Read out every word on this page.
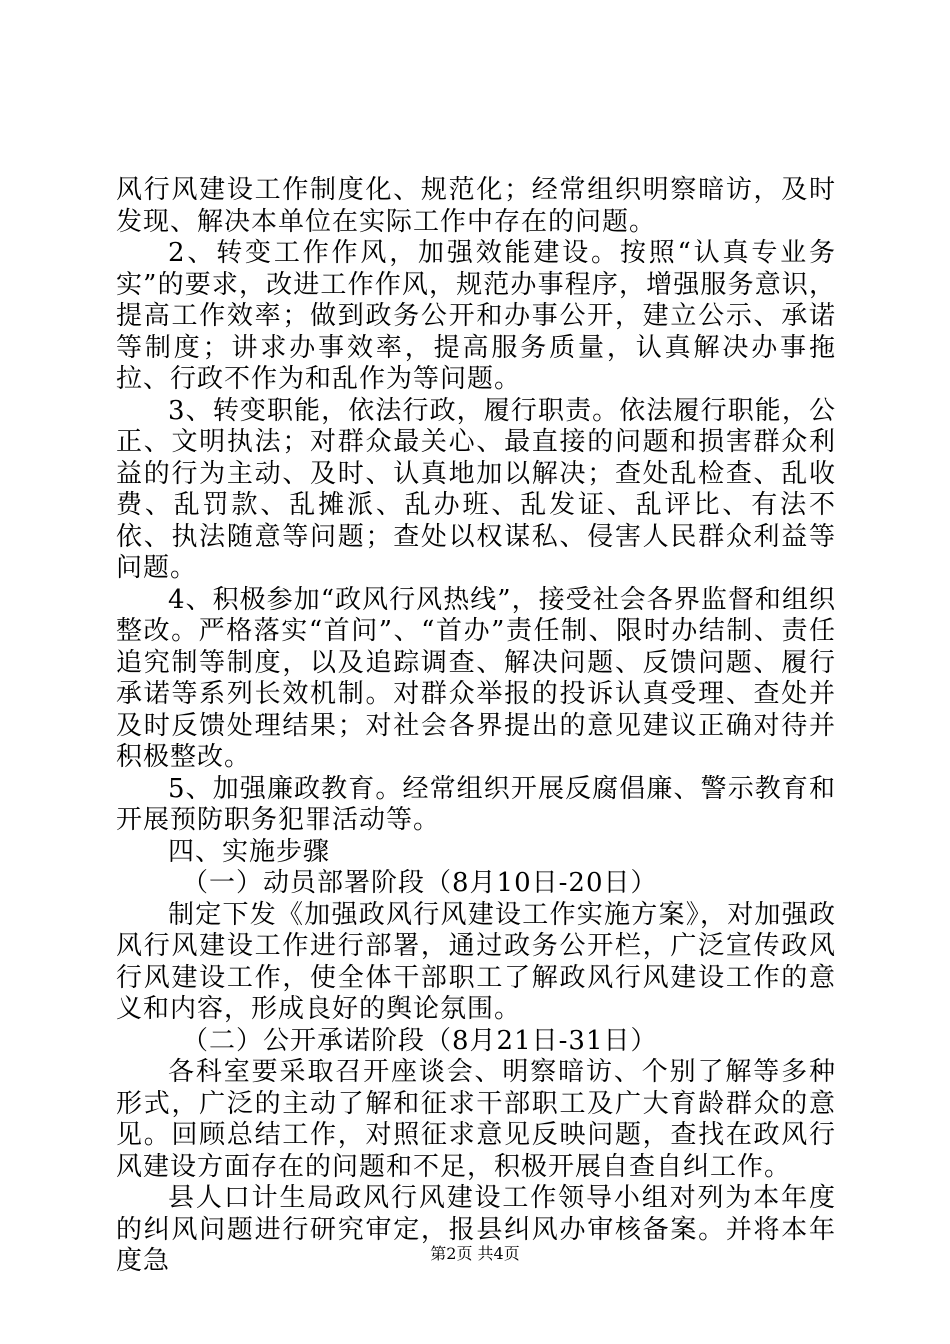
风行风建设工作制度化、规范化；经常组织明察暗访，及时发现、解决本单位在实际工作中存在的问题。

2、转变工作作风，加强效能建设。按照“认真专业务实”的要求，改进工作作风，规范办事程序，增强服务意识，提高工作效率；做到政务公开和办事公开，建立公示、承诺等制度；讲求办事效率，提高服务质量，认真解决办事拖拉、行政不作为和乱作为等问题。

3、转变职能，依法行政，履行职责。依法履行职能，公正、文明执法；对群众最关心、最直接的问题和损害群众利益的行为主动、及时、认真地加以解决；查处乱检查、乱收费、乱罚款、乱摊派、乱办班、乱发证、乱评比、有法不依、执法随意等问题；查处以权谋私、侵害人民群众利益等问题。

4、积极参加“政风行风热线”，接受社会各界监督和组织整改。严格落实“首问”、“首办”责任制、限时办结制、责任追究制等制度，以及追踪调查、解决问题、反馈问题、履行承诺等系列长效机制。对群众举报的投诉认真受理、查处并及时反馈处理结果；对社会各界提出的意见建议正确对待并积极整改。

5、加强廉政教育。经常组织开展反腐倡廉、警示教育和开展预防职务犯罪活动等。

四、实施步骤

（一）动员部署阶段（8月10日-20日）

制定下发《加强政风行风建设工作实施方案》，对加强政风行风建设工作进行部署，通过政务公开栏，广泛宣传政风行风建设工作，使全体干部职工了解政风行风建设工作的意义和内容，形成良好的舆论氛围。

（二）公开承诺阶段（8月21日-31日）

各科室要采取召开座谈会、明察暗访、个别了解等多种形式，广泛的主动了解和征求干部职工及广大育龄群众的意见。回顾总结工作，对照征求意见反映问题，查找在政风行风建设方面存在的问题和不足，积极开展自查自纠工作。

县人口计生局政风行风建设工作领导小组对列为本年度的纠风问题进行研究审定，报县纠风办审核备案。并将本年度急	第2页 共4页
